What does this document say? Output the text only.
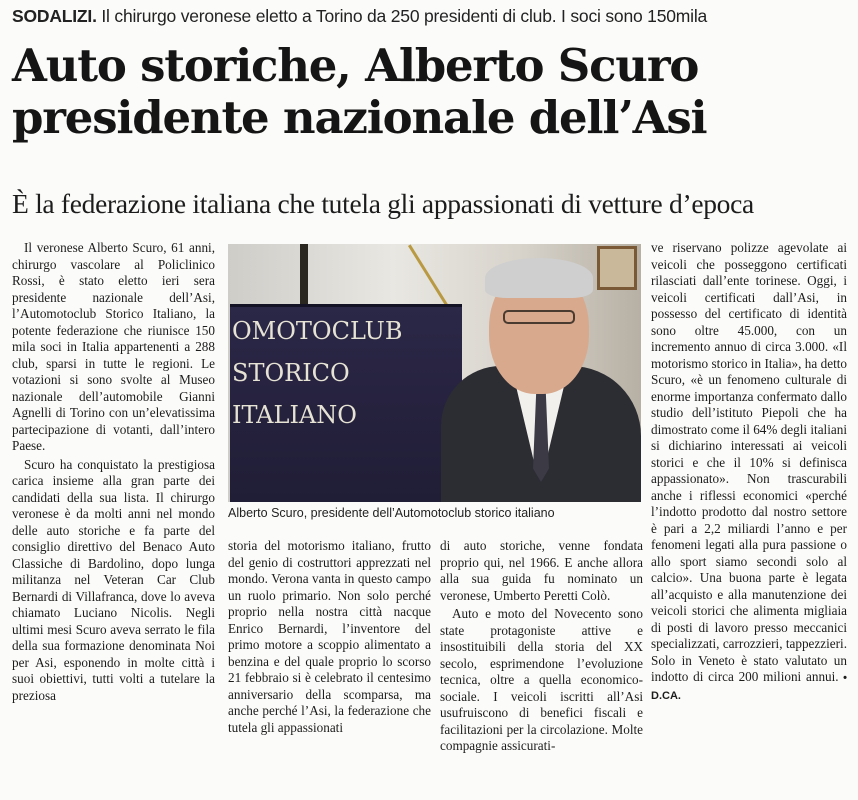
SODALIZI. Il chirurgo veronese eletto a Torino da 250 presidenti di club. I soci sono 150mila
Auto storiche, Alberto Scuro
presidente nazionale dell’Asi
È la federazione italiana che tutela gli appassionati di vetture d’epoca

Il veronese Alberto Scuro, 61 anni, chirurgo vascolare al Policlinico Rossi, è stato eletto ieri sera presidente nazionale dell’Asi, l’Automotoclub Storico Italiano, la potente federazione che riunisce 150 mila soci in Italia appartenenti a 288 club, sparsi in tutte le regioni. Le votazioni si sono svolte al Museo nazionale dell’automobile Gianni Agnelli di Torino con un’elevatissima partecipazione di votanti, dall’intero Paese.

Scuro ha conquistato la prestigiosa carica insieme alla gran parte dei candidati della sua lista. Il chirurgo veronese è da molti anni nel mondo delle auto storiche e fa parte del consiglio direttivo del Benaco Auto Classiche di Bardolino, dopo lunga militanza nel Veteran Car Club Bernardi di Villafranca, dove lo aveva chiamato Luciano Nicolis. Negli ultimi mesi Scuro aveva serrato le fila della sua formazione denominata Noi per Asi, esponendo in molte città i suoi obiettivi, tutti volti a tutelare la preziosa

OMOTOCLUB
STORICO
ITALIANO
Alberto Scuro, presidente dell’Automotoclub storico italiano

storia del motorismo italiano, frutto del genio di costruttori apprezzati nel mondo. Verona vanta in questo campo un ruolo primario. Non solo perché proprio nella nostra città nacque Enrico Bernardi, l’inventore del primo motore a scoppio alimentato a benzina e del quale proprio lo scorso 21 febbraio si è celebrato il centesimo anniversario della scomparsa, ma anche perché l’Asi, la federazione che tutela gli appassionati

di auto storiche, venne fondata proprio qui, nel 1966. E anche allora alla sua guida fu nominato un veronese, Umberto Peretti Colò.

Auto e moto del Novecento sono state protagoniste attive e insostituibili della storia del XX secolo, esprimendone l’evoluzione tecnica, oltre a quella economico-sociale. I veicoli iscritti all’Asi usufruiscono di benefici fiscali e facilitazioni per la circolazione. Molte compagnie assicurati-

ve riservano polizze agevolate ai veicoli che posseggono certificati rilasciati dall’ente torinese. Oggi, i veicoli certificati dall’Asi, in possesso del certificato di identità sono oltre 45.000, con un incremento annuo di circa 3.000. «Il motorismo storico in Italia», ha detto Scuro, «è un fenomeno culturale di enorme importanza confermato dallo studio dell’istituto Piepoli che ha dimostrato come il 64% degli italiani si dichiarino interessati ai veicoli storici e che il 10% si definisca appassionato». Non trascurabili anche i riflessi economici «perché l’indotto prodotto dal nostro settore è pari a 2,2 miliardi l’anno e per fenomeni legati alla pura passione o allo sport siamo secondi solo al calcio». Una buona parte è legata all’acquisto e alla manutenzione dei veicoli storici che alimenta migliaia di posti di lavoro presso meccanici specializzati, carrozzieri, tappezzieri. Solo in Veneto è stato valutato un indotto di circa 200 milioni annui. • D.CA.
